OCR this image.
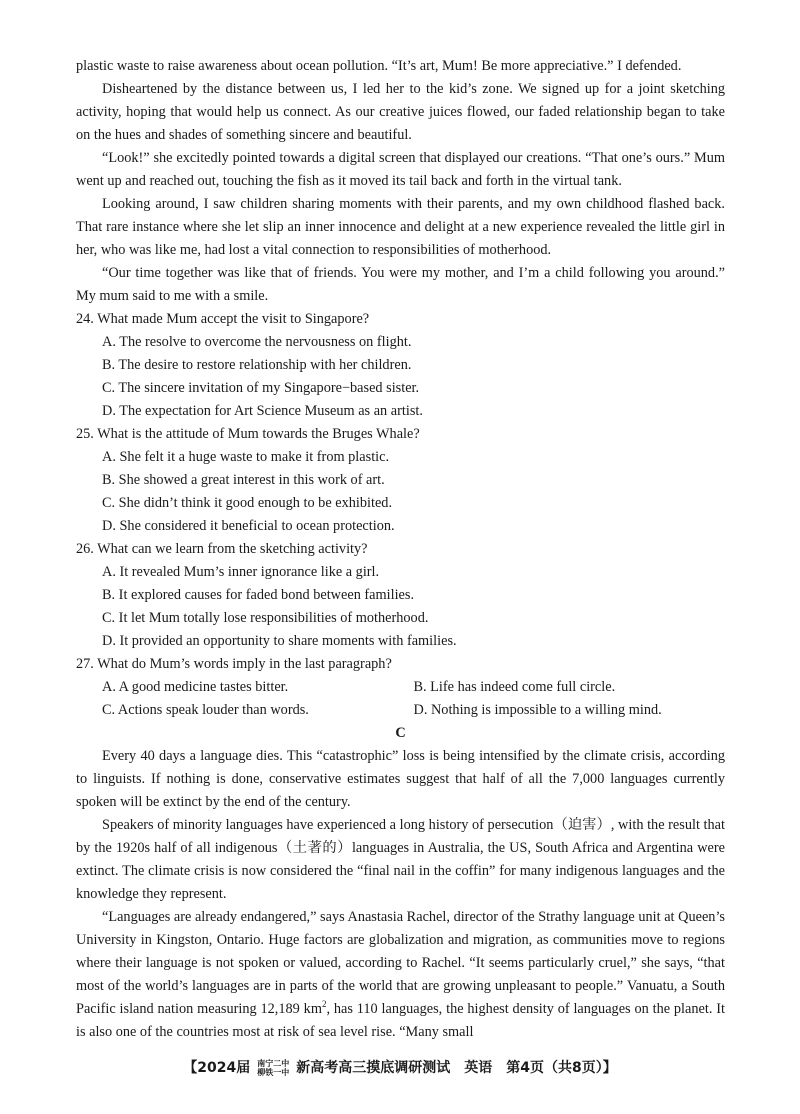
plastic waste to raise awareness about ocean pollution. “It’s art, Mum! Be more appreciative.” I defended.

Disheartened by the distance between us, I led her to the kid’s zone. We signed up for a joint sketching activity, hoping that would help us connect. As our creative juices flowed, our faded relationship began to take on the hues and shades of something sincere and beautiful.

“Look!” she excitedly pointed towards a digital screen that displayed our creations. “That one’s ours.” Mum went up and reached out, touching the fish as it moved its tail back and forth in the virtual tank.

Looking around, I saw children sharing moments with their parents, and my own childhood flashed back. That rare instance where she let slip an inner innocence and delight at a new experience revealed the little girl in her, who was like me, had lost a vital connection to responsibilities of motherhood.

“Our time together was like that of friends. You were my mother, and I’m a child following you around.” My mum said to me with a smile.

24. What made Mum accept the visit to Singapore?

A. The resolve to overcome the nervousness on flight.

B. The desire to restore relationship with her children.

C. The sincere invitation of my Singapore−based sister.

D. The expectation for Art Science Museum as an artist.

25. What is the attitude of Mum towards the Bruges Whale?

A. She felt it a huge waste to make it from plastic.

B. She showed a great interest in this work of art.

C. She didn’t think it good enough to be exhibited.

D. She considered it beneficial to ocean protection.

26. What can we learn from the sketching activity?

A. It revealed Mum’s inner ignorance like a girl.

B. It explored causes for faded bond between families.

C. It let Mum totally lose responsibilities of motherhood.

D. It provided an opportunity to share moments with families.

27. What do Mum’s words imply in the last paragraph?

A. A good medicine tastes bitter.	B. Life has indeed come full circle.
C. Actions speak louder than words.	D. Nothing is impossible to a willing mind.

C

Every 40 days a language dies. This “catastrophic” loss is being intensified by the climate crisis, according to linguists. If nothing is done, conservative estimates suggest that half of all the 7,000 languages currently spoken will be extinct by the end of the century.

Speakers of minority languages have experienced a long history of persecution（迫害）, with the result that by the 1920s half of all indigenous（土著的）languages in Australia, the US, South Africa and Argentina were extinct. The climate crisis is now considered the “final nail in the coffin” for many indigenous languages and the knowledge they represent.

“Languages are already endangered,” says Anastasia Rachel, director of the Strathy language unit at Queen’s University in Kingston, Ontario. Huge factors are globalization and migration, as communities move to regions where their language is not spoken or valued, according to Rachel. “It seems particularly cruel,” she says, “that most of the world’s languages are in parts of the world that are growing unpleasant to people.” Vanuatu, a South Pacific island nation measuring 12,189 $km^2$, has 110 languages, the highest density of languages on the planet. It is also one of the countries most at risk of sea level rise. “Many small

【2024届 南宁二中
柳铁一中 新高考高三摸底调研测试　英语　第4页（共8页）】
